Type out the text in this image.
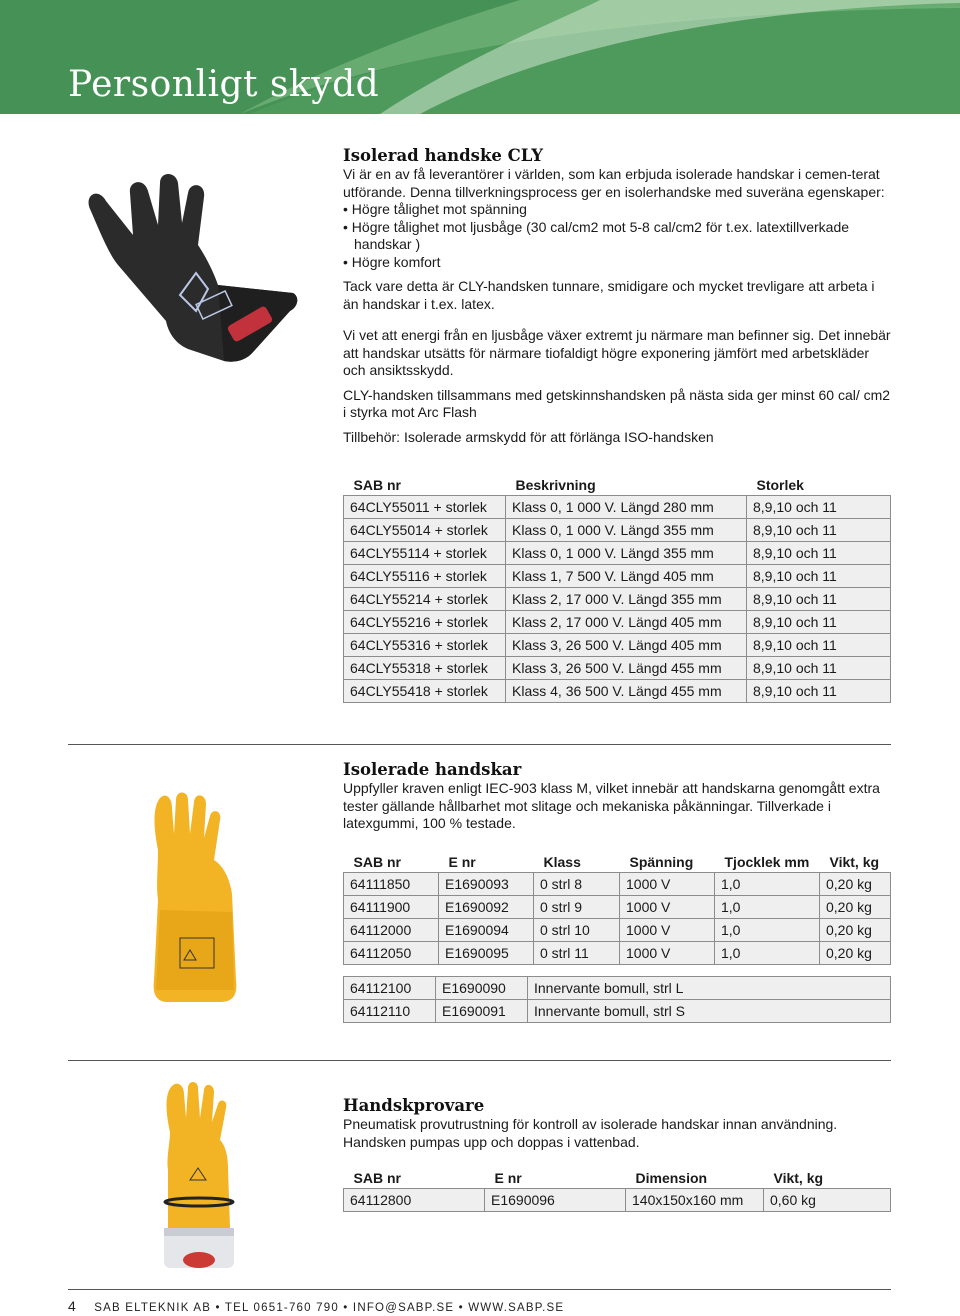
Personligt skydd
Isolerad handske CLY

Vi är en av få leverantörer i världen, som kan erbjuda isolerade handskar i cemen-terat utförande. Denna tillverkningsprocess ger en isolerhandske med suveräna egenskaper:

• Högre tålighet mot spänning

• Högre tålighet mot ljusbåge (30 cal/cm2 mot 5-8 cal/cm2 för t.ex. latextillverkade handskar )

• Högre komfort

Tack vare detta är CLY-handsken tunnare, smidigare och mycket trevligare att arbeta i än handskar i t.ex. latex.

Vi vet att energi från en ljusbåge växer extremt ju närmare man befinner sig. Det innebär att handskar utsätts för närmare tiofaldigt högre exponering jämfört med arbetskläder och ansiktsskydd.

CLY-handsken tillsammans med getskinnshandsken på nästa sida ger minst 60 cal/ cm2 i styrka mot Arc Flash

Tillbehör: Isolerade armskydd för att förlänga ISO-handsken

SAB nr	Beskrivning	Storlek
64CLY55011 + storlek	Klass 0, 1 000 V. Längd 280 mm	8,9,10 och 11
64CLY55014 + storlek	Klass 0, 1 000 V. Längd 355 mm	8,9,10 och 11
64CLY55114 + storlek	Klass 0, 1 000 V. Längd 355 mm	8,9,10 och 11
64CLY55116 + storlek	Klass 1, 7 500 V. Längd 405 mm	8,9,10 och 11
64CLY55214 + storlek	Klass 2, 17 000 V. Längd 355 mm	8,9,10 och 11
64CLY55216 + storlek	Klass 2, 17 000 V. Längd 405 mm	8,9,10 och 11
64CLY55316 + storlek	Klass 3, 26 500 V. Längd 405 mm	8,9,10 och 11
64CLY55318 + storlek	Klass 3, 26 500 V. Längd 455 mm	8,9,10 och 11
64CLY55418 + storlek	Klass 4, 36 500 V. Längd 455 mm	8,9,10 och 11
Isolerade handskar

Uppfyller kraven enligt IEC-903 klass M, vilket innebär att handskarna genomgått extra tester gällande hållbarhet mot slitage och mekaniska påkänningar. Tillverkade i latexgummi, 100 % testade.

SAB nr	E nr	Klass	Spänning	Tjocklek mm	Vikt, kg
64111850	E1690093	0 strl 8	1000 V	1,0	0,20 kg
64111900	E1690092	0 strl 9	1000 V	1,0	0,20 kg
64112000	E1690094	0 strl 10	1000 V	1,0	0,20 kg
64112050	E1690095	0 strl 11	1000 V	1,0	0,20 kg
64112100	E1690090	Innervante bomull, strl L
64112110	E1690091	Innervante bomull, strl S
Handskprovare

Pneumatisk provutrustning för kontroll av isolerade handskar innan användning. Handsken pumpas upp och doppas i vattenbad.

SAB nr	E nr	Dimension	Vikt, kg
64112800	E1690096	140x150x160 mm	0,60 kg
4 SAB ELTEKNIK AB • TEL 0651-760 790 • INFO@SABP.SE • WWW.SABP.SE
